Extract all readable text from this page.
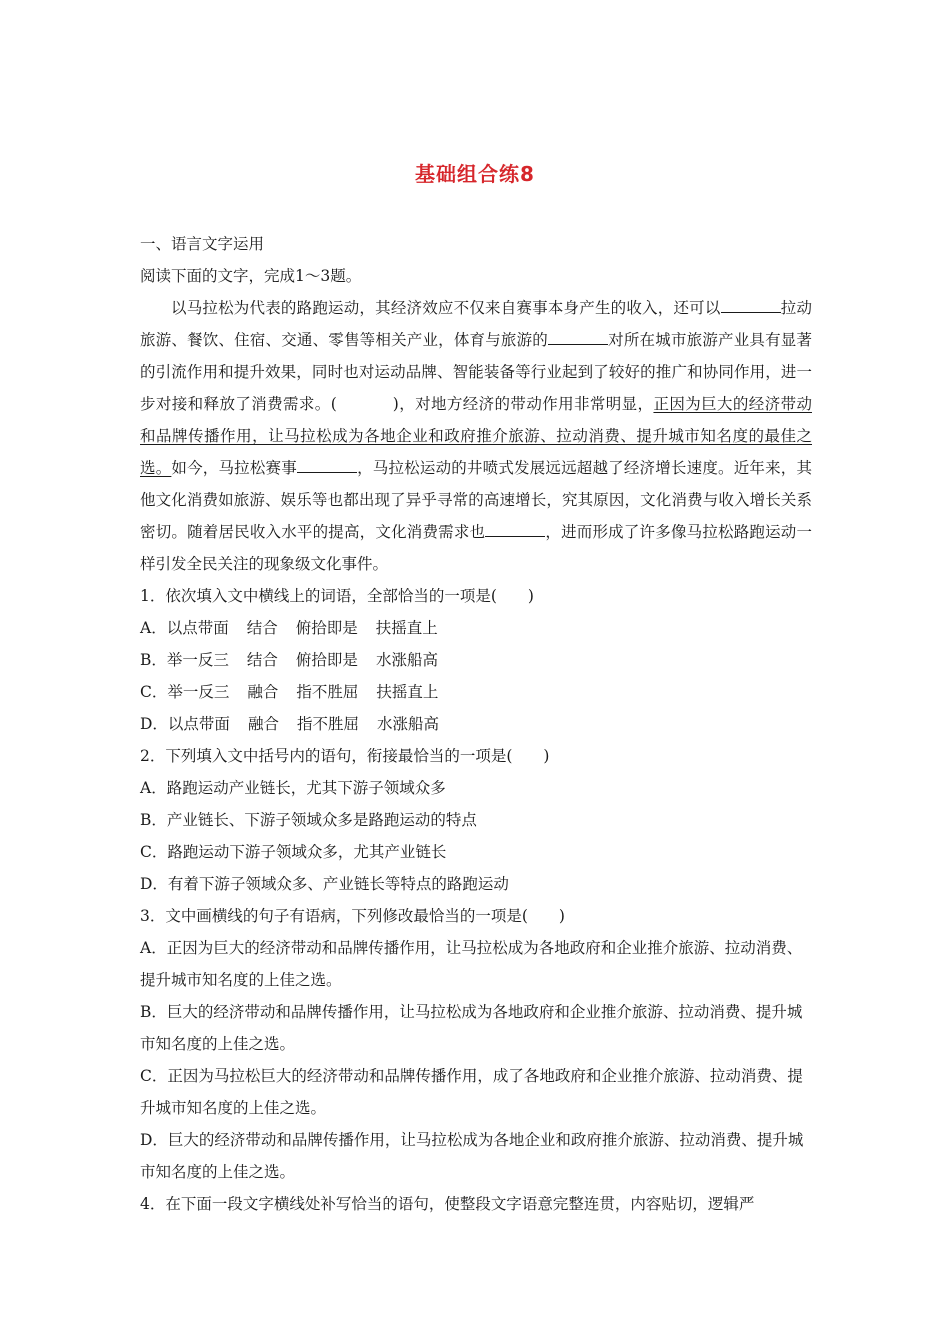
基础组合练8

一、语言文字运用

阅读下面的文字，完成1～3题。

以马拉松为代表的路跑运动，其经济效应不仅来自赛事本身产生的收入，还可以	拉动旅游、餐饮、住宿、交通、零售等相关产业，体育与旅游的	对所在城市旅游产业具有显著的引流作用和提升效果，同时也对运动品牌、智能装备等行业起到了较好的推广和协同作用，进一步对接和释放了消费需求。(	)，对地方经济的带动作用非常明显，正因为巨大的经济带动和品牌传播作用，让马拉松成为各地企业和政府推介旅游、拉动消费、提升城市知名度的最佳之选。如今，马拉松赛事	，马拉松运动的井喷式发展远远超越了经济增长速度。近年来，其他文化消费如旅游、娱乐等也都出现了异乎寻常的高速增长，究其原因，文化消费与收入增长关系密切。随着居民收入水平的提高，文化消费需求也	，进而形成了许多像马拉松路跑运动一样引发全民关注的现象级文化事件。

1．依次填入文中横线上的词语，全部恰当的一项是(　　)

A．以点带面 结合 俯拾即是 扶摇直上

B．举一反三 结合 俯拾即是 水涨船高

C．举一反三 融合 指不胜屈 扶摇直上

D．以点带面 融合 指不胜屈 水涨船高

2．下列填入文中括号内的语句，衔接最恰当的一项是(　　)

A．路跑运动产业链长，尤其下游子领域众多

B．产业链长、下游子领域众多是路跑运动的特点

C．路跑运动下游子领域众多，尤其产业链长

D．有着下游子领域众多、产业链长等特点的路跑运动

3．文中画横线的句子有语病，下列修改最恰当的一项是(　　)

A．正因为巨大的经济带动和品牌传播作用，让马拉松成为各地政府和企业推介旅游、拉动消费、提升城市知名度的上佳之选。

B．巨大的经济带动和品牌传播作用，让马拉松成为各地政府和企业推介旅游、拉动消费、提升城市知名度的上佳之选。

C．正因为马拉松巨大的经济带动和品牌传播作用，成了各地政府和企业推介旅游、拉动消费、提升城市知名度的上佳之选。

D．巨大的经济带动和品牌传播作用，让马拉松成为各地企业和政府推介旅游、拉动消费、提升城市知名度的上佳之选。

4．在下面一段文字横线处补写恰当的语句，使整段文字语意完整连贯，内容贴切，逻辑严
